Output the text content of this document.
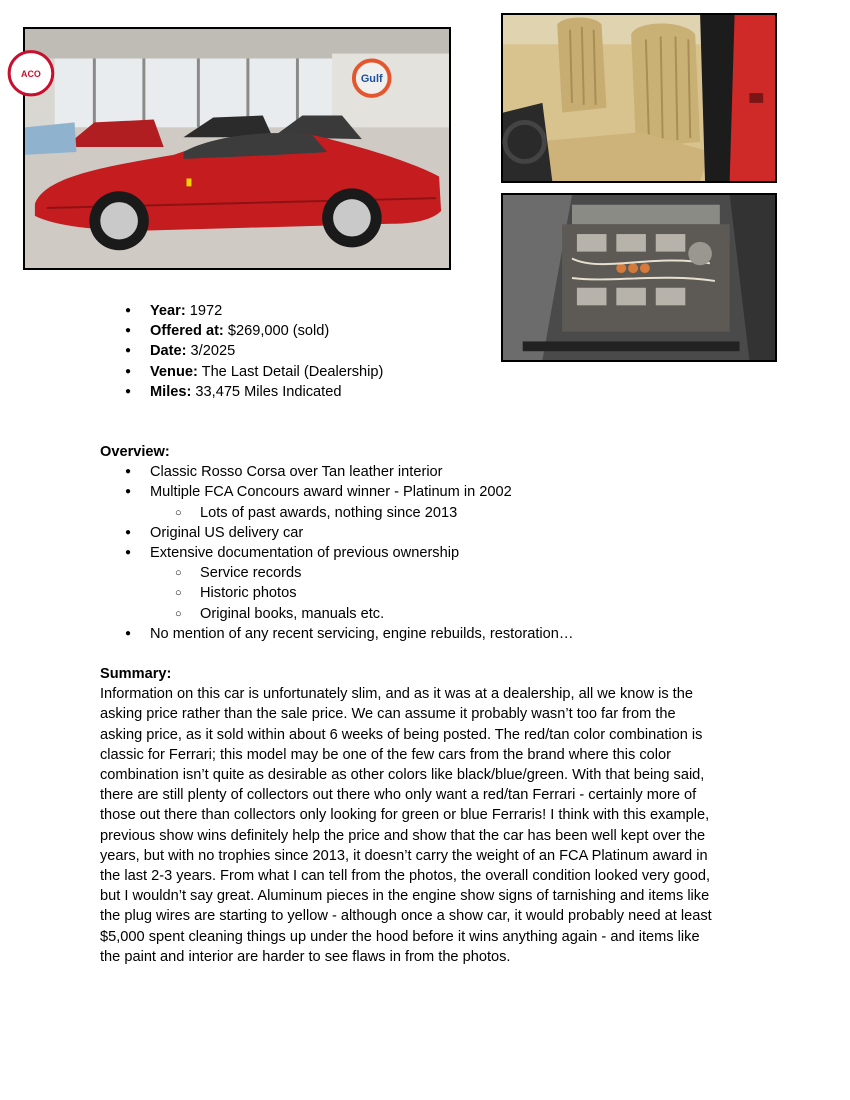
Gulf
ACO
● Year: 1972
● Offered at: $269,000 (sold)
● Date: 3/2025
● Venue: The Last Detail (Dealership)
● Miles: 33,475 Miles Indicated
Overview:
● Classic Rosso Corsa over Tan leather interior
● Multiple FCA Concours award winner - Platinum in 2002
○ Lots of past awards, nothing since 2013
● Original US delivery car
● Extensive documentation of previous ownership
○ Service records
○ Historic photos
○ Original books, manuals etc.
● No mention of any recent servicing, engine rebuilds, restoration…
Summary:
Information on this car is unfortunately slim, and as it was at a dealership, all we know is the
asking price rather than the sale price. We can assume it probably wasn’t too far from the
asking price, as it sold within about 6 weeks of being posted. The red/tan color combination is
classic for Ferrari; this model may be one of the few cars from the brand where this color
combination isn’t quite as desirable as other colors like black/blue/green. With that being said,
there are still plenty of collectors out there who only want a red/tan Ferrari - certainly more of
those out there than collectors only looking for green or blue Ferraris! I think with this example,
previous show wins definitely help the price and show that the car has been well kept over the
years, but with no trophies since 2013, it doesn’t carry the weight of an FCA Platinum award in
the last 2-3 years. From what I can tell from the photos, the overall condition looked very good,
but I wouldn’t say great. Aluminum pieces in the engine show signs of tarnishing and items like
the plug wires are starting to yellow - although once a show car, it would probably need at least
$5,000 spent cleaning things up under the hood before it wins anything again - and items like
the paint and interior are harder to see flaws in from the photos.
